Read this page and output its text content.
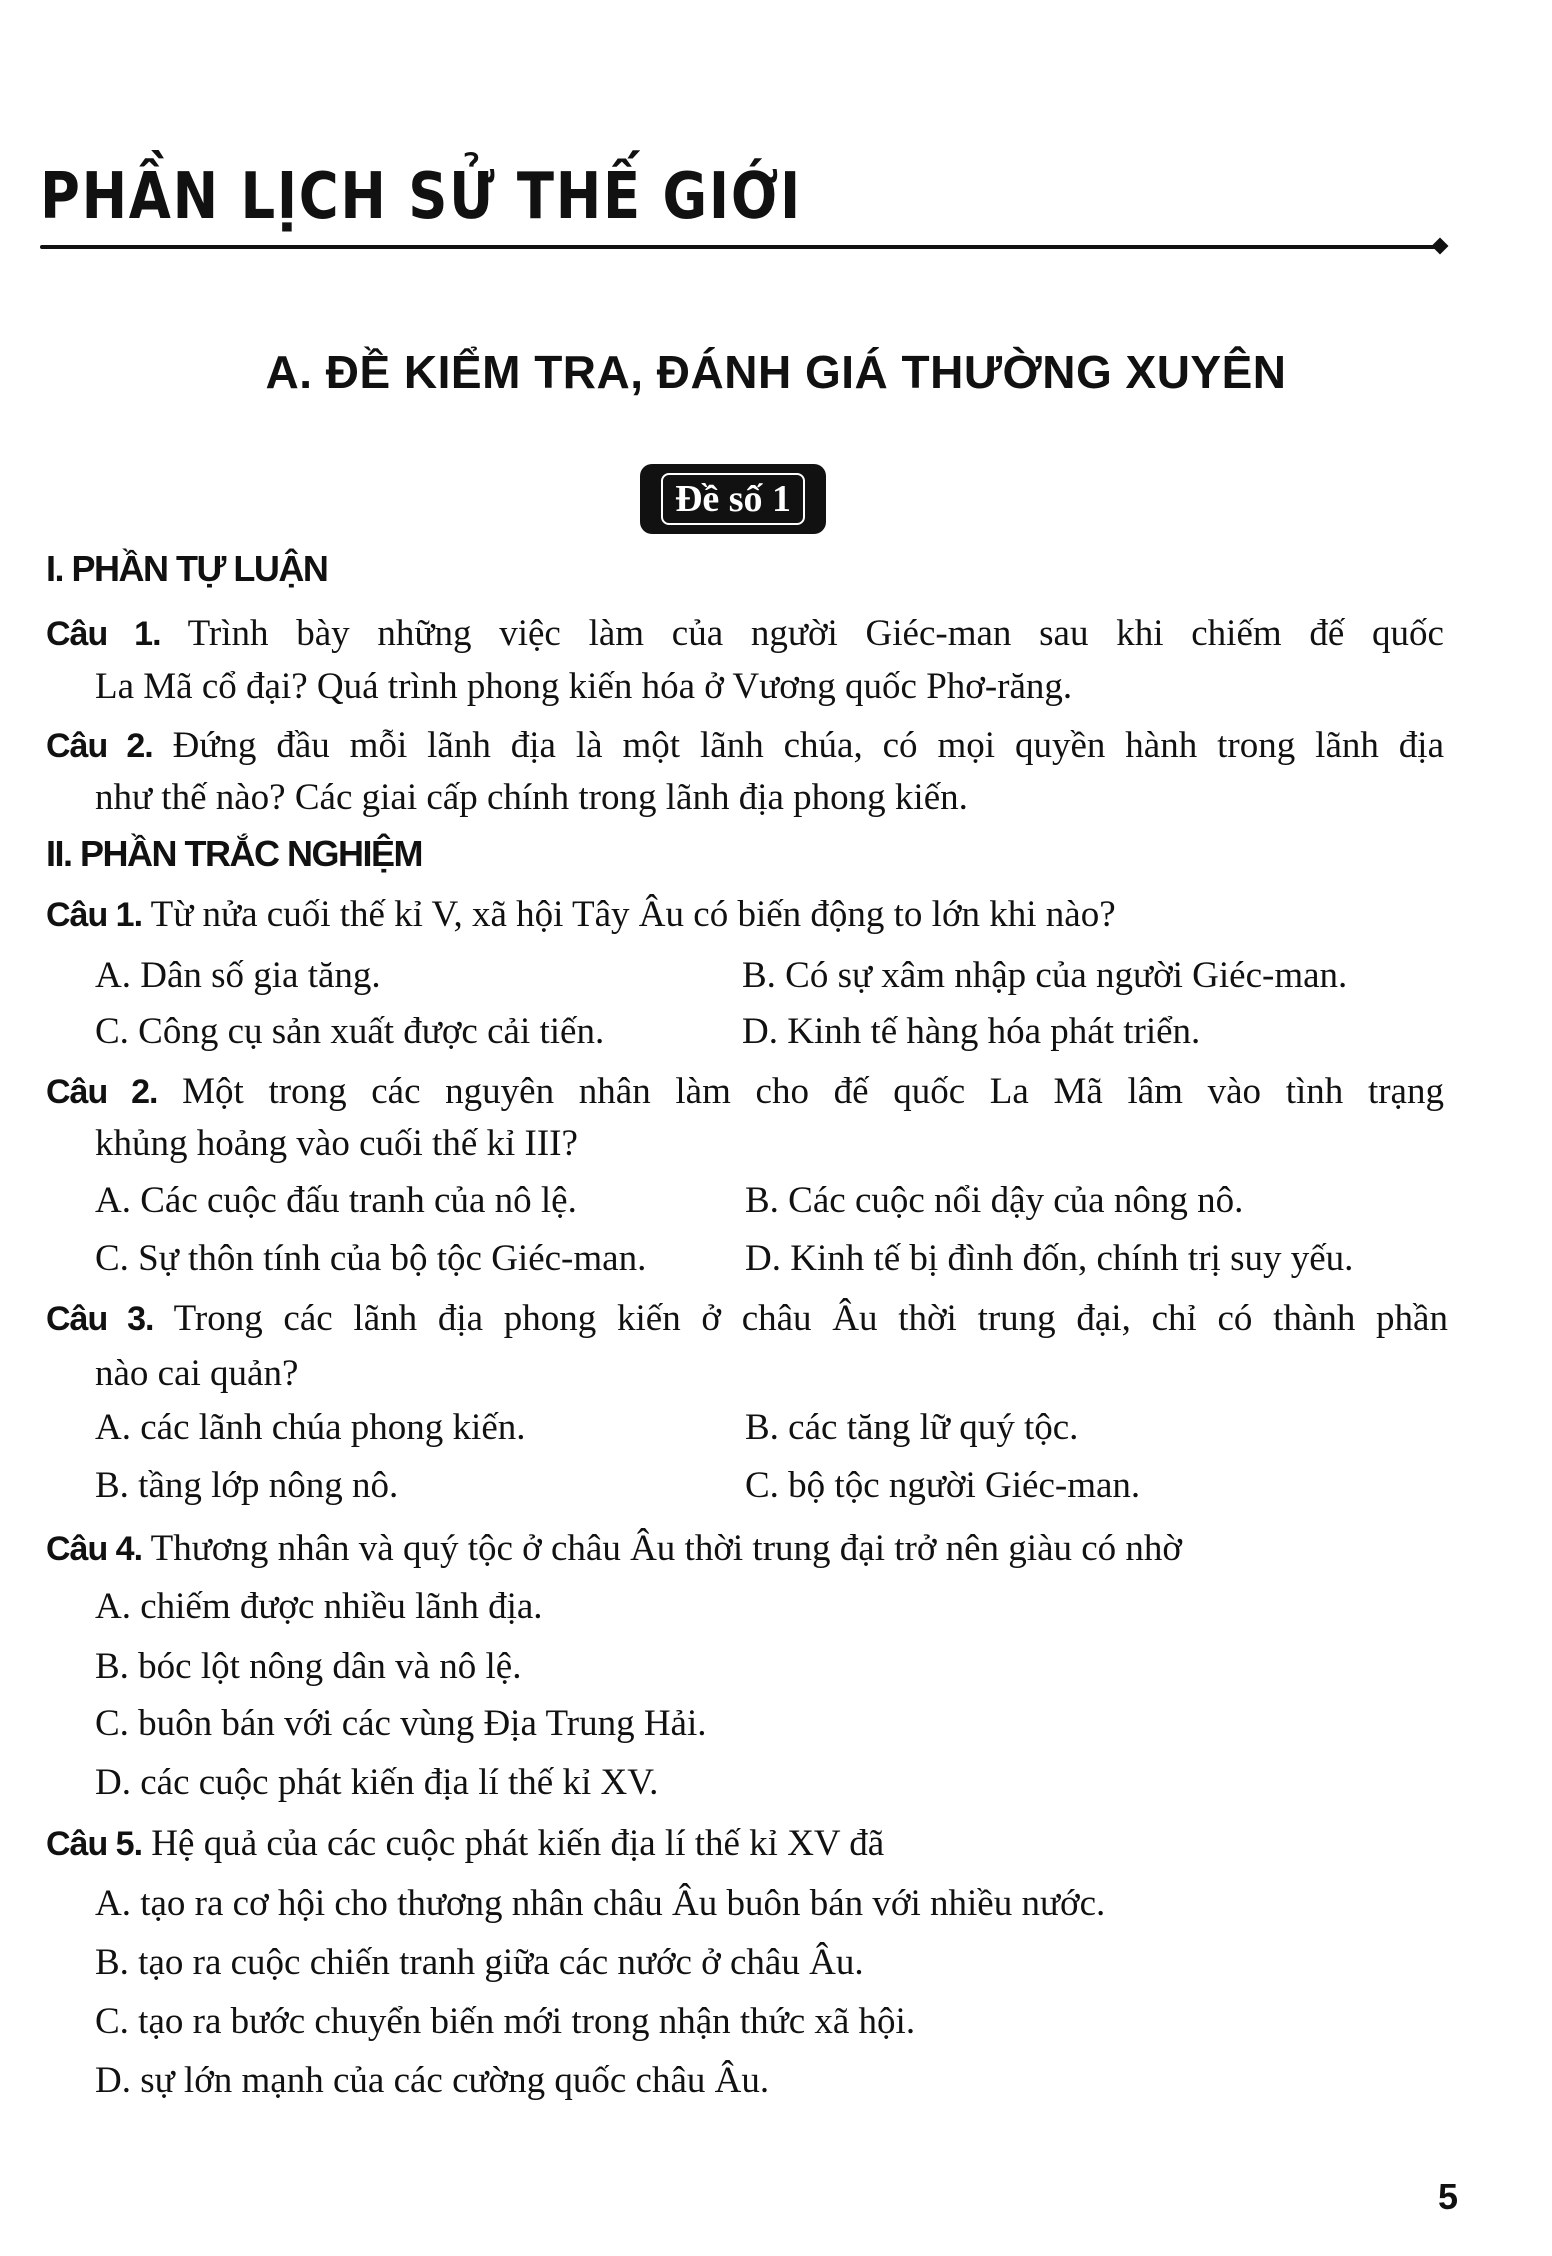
PHẦN LỊCH SỬ THẾ GIỚI
A. ĐỀ KIỂM TRA, ĐÁNH GIÁ THƯỜNG XUYÊN
Đề số 1
I. PHẦN TỰ LUẬN
Câu 1. Trình bày những việc làm của người Giéc-man sau khi chiếm đế quốc
La Mã cổ đại? Quá trình phong kiến hóa ở Vương quốc Phơ-răng.
Câu 2. Đứng đầu mỗi lãnh địa là một lãnh chúa, có mọi quyền hành trong lãnh địa
như thế nào? Các giai cấp chính trong lãnh địa phong kiến.
II. PHẦN TRẮC NGHIỆM
Câu 1. Từ nửa cuối thế kỉ V, xã hội Tây Âu có biến động to lớn khi nào?
A. Dân số gia tăng.	B. Có sự xâm nhập của người Giéc-man.
C. Công cụ sản xuất được cải tiến.	D. Kinh tế hàng hóa phát triển.
Câu 2. Một trong các nguyên nhân làm cho đế quốc La Mã lâm vào tình trạng
khủng hoảng vào cuối thế kỉ III?
A. Các cuộc đấu tranh của nô lệ.	B. Các cuộc nổi dậy của nông nô.
C. Sự thôn tính của bộ tộc Giéc-man.	D. Kinh tế bị đình đốn, chính trị suy yếu.
Câu 3. Trong các lãnh địa phong kiến ở châu Âu thời trung đại, chỉ có thành phần
nào cai quản?
A. các lãnh chúa phong kiến.	B. các tăng lữ quý tộc.
B. tầng lớp nông nô.	C. bộ tộc người Giéc-man.
Câu 4. Thương nhân và quý tộc ở châu Âu thời trung đại trở nên giàu có nhờ
A. chiếm được nhiều lãnh địa.
B. bóc lột nông dân và nô lệ.
C. buôn bán với các vùng Địa Trung Hải.
D. các cuộc phát kiến địa lí thế kỉ XV.
Câu 5. Hệ quả của các cuộc phát kiến địa lí thế kỉ XV đã
A. tạo ra cơ hội cho thương nhân châu Âu buôn bán với nhiều nước.
B. tạo ra cuộc chiến tranh giữa các nước ở châu Âu.
C. tạo ra bước chuyển biến mới trong nhận thức xã hội.
D. sự lớn mạnh của các cường quốc châu Âu.
5
